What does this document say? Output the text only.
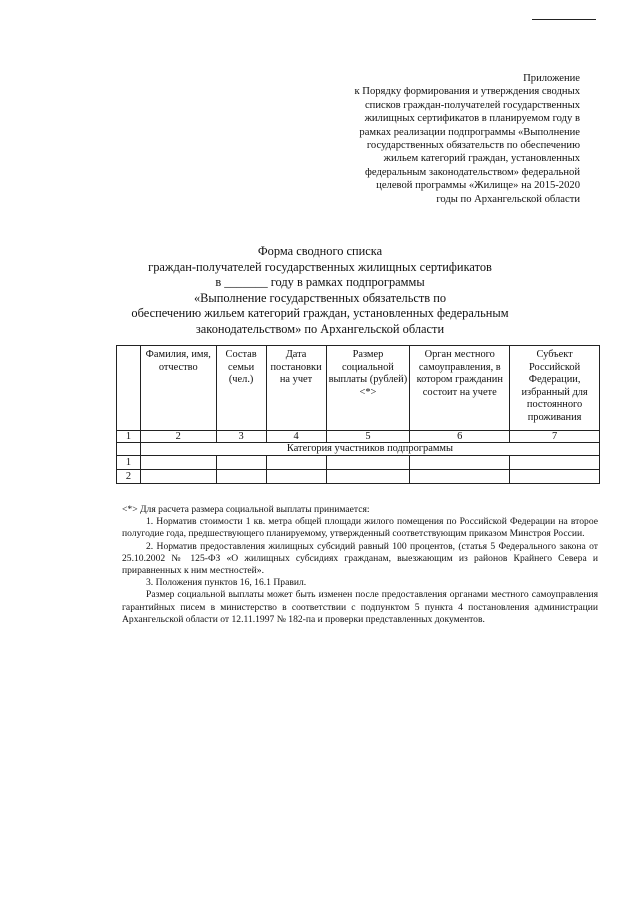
Приложение
к Порядку формирования и утверждения сводных
списков граждан-получателей государственных
жилищных сертификатов в планируемом году в
рамках реализации подпрограммы «Выполнение
государственных обязательств по обеспечению
жильем категорий граждан, установленных
федеральным законодательством» федеральной
целевой программы «Жилище» на 2015-2020
годы по Архангельской области
Форма сводного списка
граждан-получателей государственных жилищных сертификатов
в _______ году в рамках подпрограммы
«Выполнение государственных обязательств по
обеспечению жильем категорий граждан, установленных федеральным
законодательством» по Архангельской области
	Фамилия, имя, отчество	Состав семьи (чел.)	Дата постановки на учет	Размер социальной выплаты (рублей) <*>	Орган местного самоуправления, в котором гражданин состоит на учете	Субъект Российской Федерации, избранный для постоянного проживания
1	2	3	4	5	6	7
	Категория участников подпрограммы					
1						
2						

<*> Для расчета размера социальной выплаты принимается:

1. Норматив стоимости 1 кв. метра общей площади жилого помещения по Российской Федерации на второе полугодие года, предшествующего планируемому, утвержденный соответствующим приказом Минстроя России.

2. Норматив предоставления жилищных субсидий равный 100 процентов, (статья 5 Федерального закона от 25.10.2002 № 125-ФЗ «О жилищных субсидиях гражданам, выезжающим из районов Крайнего Севера и приравненных к ним местностей».

3. Положения пунктов 16, 16.1 Правил.

Размер социальной выплаты может быть изменен после предоставления органами местного самоуправления гарантийных писем в министерство в соответствии с подпунктом 5 пункта 4 постановления администрации Архангельской области от 12.11.1997 № 182-па и проверки представленных документов.
